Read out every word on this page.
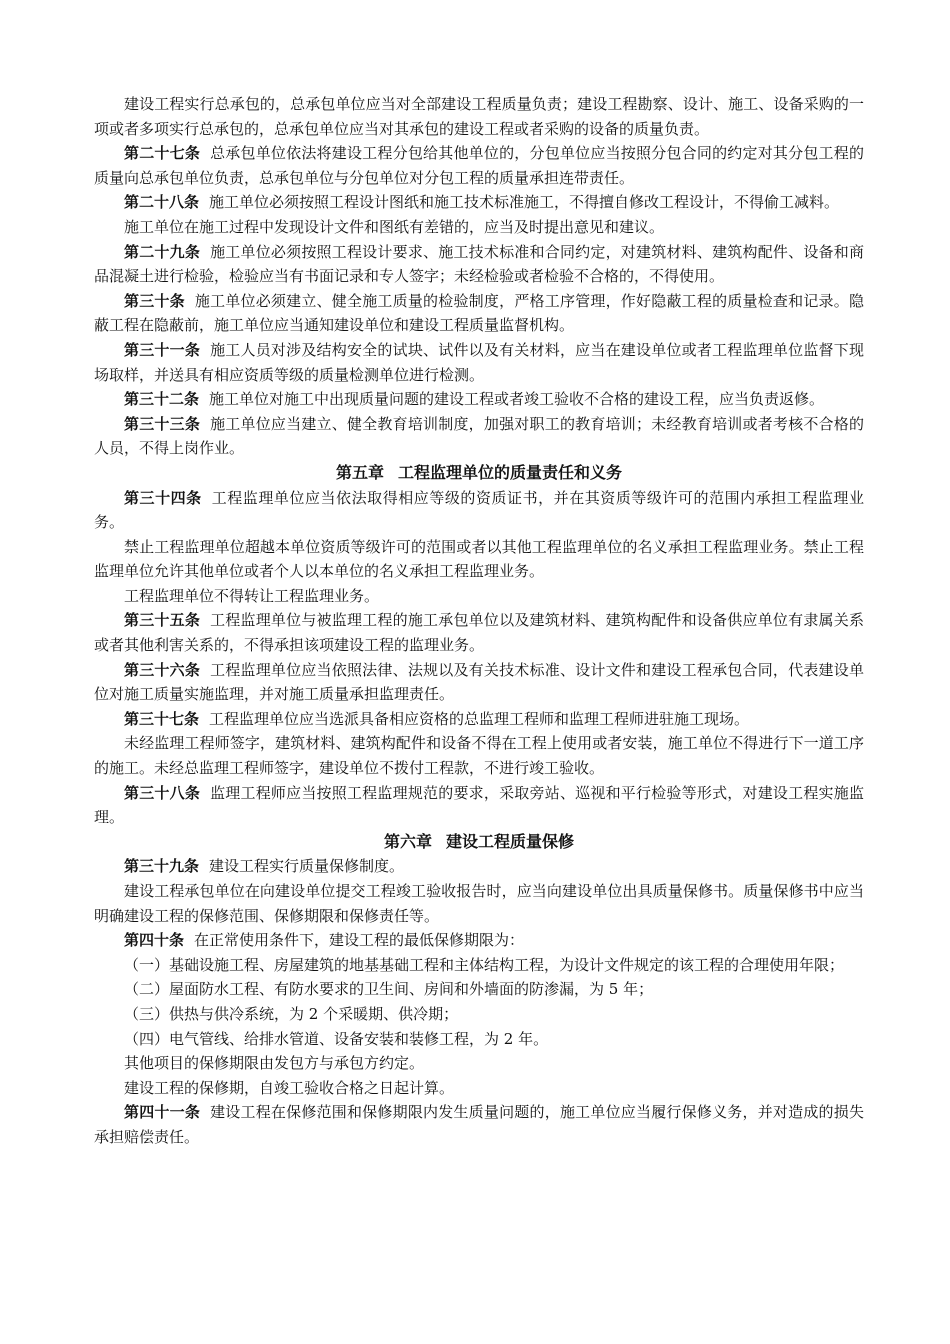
建设工程实行总承包的，总承包单位应当对全部建设工程质量负责；建设工程勘察、设计、施工、设备采购的一项或者多项实行总承包的，总承包单位应当对其承包的建设工程或者采购的设备的质量负责。

第二十七条 总承包单位依法将建设工程分包给其他单位的，分包单位应当按照分包合同的约定对其分包工程的质量向总承包单位负责，总承包单位与分包单位对分包工程的质量承担连带责任。

第二十八条 施工单位必须按照工程设计图纸和施工技术标准施工，不得擅自修改工程设计，不得偷工减料。

施工单位在施工过程中发现设计文件和图纸有差错的，应当及时提出意见和建议。

第二十九条 施工单位必须按照工程设计要求、施工技术标准和合同约定，对建筑材料、建筑构配件、设备和商品混凝土进行检验，检验应当有书面记录和专人签字；未经检验或者检验不合格的，不得使用。

第三十条 施工单位必须建立、健全施工质量的检验制度，严格工序管理，作好隐蔽工程的质量检查和记录。隐蔽工程在隐蔽前，施工单位应当通知建设单位和建设工程质量监督机构。

第三十一条 施工人员对涉及结构安全的试块、试件以及有关材料，应当在建设单位或者工程监理单位监督下现场取样，并送具有相应资质等级的质量检测单位进行检测。

第三十二条 施工单位对施工中出现质量问题的建设工程或者竣工验收不合格的建设工程，应当负责返修。

第三十三条 施工单位应当建立、健全教育培训制度，加强对职工的教育培训；未经教育培训或者考核不合格的人员，不得上岗作业。

第五章 工程监理单位的质量责任和义务

第三十四条 工程监理单位应当依法取得相应等级的资质证书，并在其资质等级许可的范围内承担工程监理业务。

禁止工程监理单位超越本单位资质等级许可的范围或者以其他工程监理单位的名义承担工程监理业务。禁止工程监理单位允许其他单位或者个人以本单位的名义承担工程监理业务。

工程监理单位不得转让工程监理业务。

第三十五条 工程监理单位与被监理工程的施工承包单位以及建筑材料、建筑构配件和设备供应单位有隶属关系或者其他利害关系的，不得承担该项建设工程的监理业务。

第三十六条 工程监理单位应当依照法律、法规以及有关技术标准、设计文件和建设工程承包合同，代表建设单位对施工质量实施监理，并对施工质量承担监理责任。

第三十七条 工程监理单位应当选派具备相应资格的总监理工程师和监理工程师进驻施工现场。

未经监理工程师签字，建筑材料、建筑构配件和设备不得在工程上使用或者安装，施工单位不得进行下一道工序的施工。未经总监理工程师签字，建设单位不拨付工程款，不进行竣工验收。

第三十八条 监理工程师应当按照工程监理规范的要求，采取旁站、巡视和平行检验等形式，对建设工程实施监理。

第六章 建设工程质量保修

第三十九条 建设工程实行质量保修制度。

建设工程承包单位在向建设单位提交工程竣工验收报告时，应当向建设单位出具质量保修书。质量保修书中应当明确建设工程的保修范围、保修期限和保修责任等。

第四十条 在正常使用条件下，建设工程的最低保修期限为：

（一）基础设施工程、房屋建筑的地基基础工程和主体结构工程，为设计文件规定的该工程的合理使用年限；

（二）屋面防水工程、有防水要求的卫生间、房间和外墙面的防渗漏，为 5 年；

（三）供热与供冷系统，为 2 个采暖期、供冷期；

（四）电气管线、给排水管道、设备安装和装修工程，为 2 年。

其他项目的保修期限由发包方与承包方约定。

建设工程的保修期，自竣工验收合格之日起计算。

第四十一条 建设工程在保修范围和保修期限内发生质量问题的，施工单位应当履行保修义务，并对造成的损失承担赔偿责任。
